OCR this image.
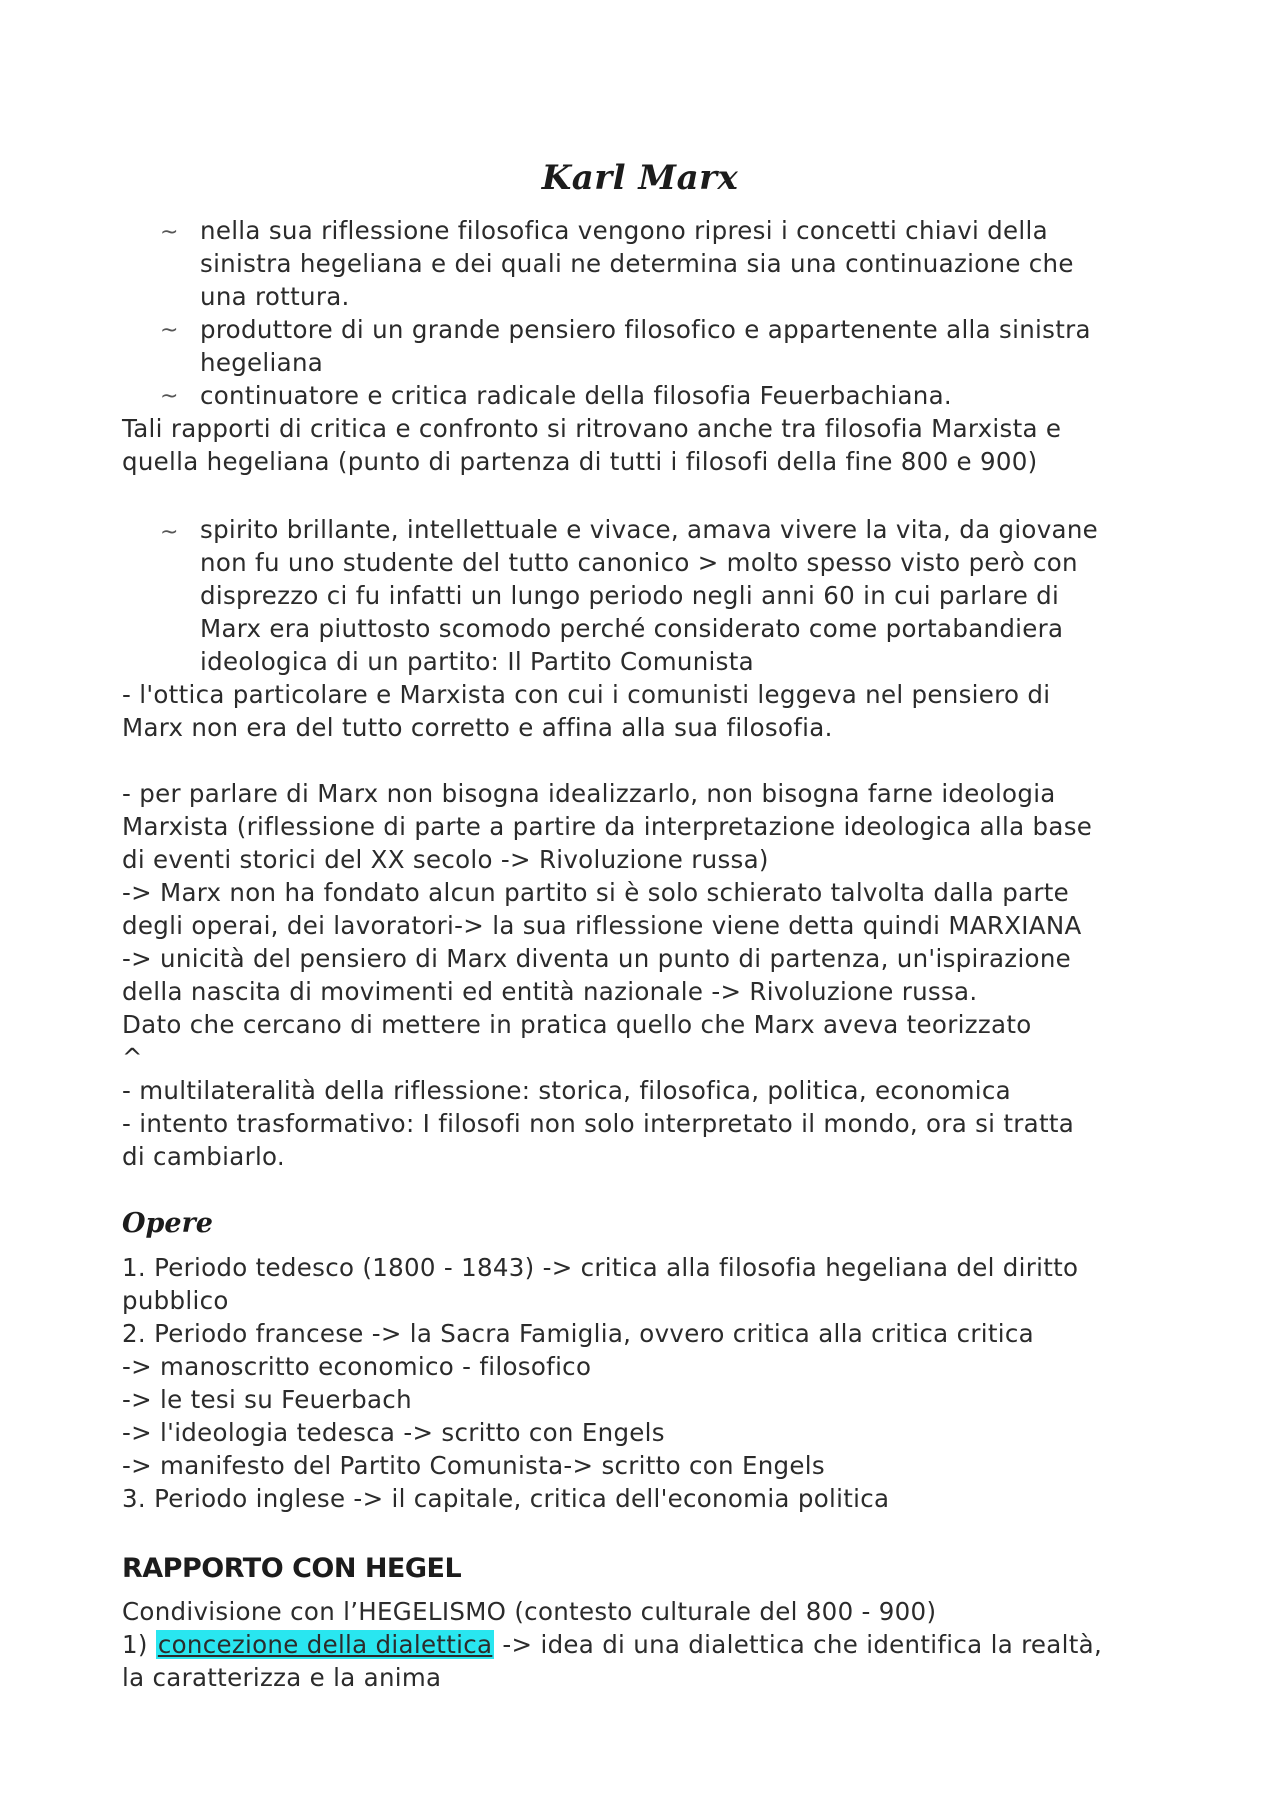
Karl Marx
~ nella sua riflessione filosofica vengono ripresi i concetti chiavi della
sinistra hegeliana e dei quali ne determina sia una continuazione che
una rottura.
~ produttore di un grande pensiero filosofico e appartenente alla sinistra
hegeliana
~ continuatore e critica radicale della filosofia Feuerbachiana.
Tali rapporti di critica e confronto si ritrovano anche tra filosofia Marxista e
quella hegeliana (punto di partenza di tutti i filosofi della fine 800 e 900)
~ spirito brillante, intellettuale e vivace, amava vivere la vita, da giovane
non fu uno studente del tutto canonico > molto spesso visto però con
disprezzo ci fu infatti un lungo periodo negli anni 60 in cui parlare di
Marx era piuttosto scomodo perché considerato come portabandiera
ideologica di un partito: Il Partito Comunista
- l'ottica particolare e Marxista con cui i comunisti leggeva nel pensiero di
Marx non era del tutto corretto e affina alla sua filosofia.
- per parlare di Marx non bisogna idealizzarlo, non bisogna farne ideologia
Marxista (riflessione di parte a partire da interpretazione ideologica alla base
di eventi storici del XX secolo -> Rivoluzione russa)
-> Marx non ha fondato alcun partito si è solo schierato talvolta dalla parte
degli operai, dei lavoratori-> la sua riflessione viene detta quindi MARXIANA
-> unicità del pensiero di Marx diventa un punto di partenza, un'ispirazione
della nascita di movimenti ed entità nazionale -> Rivoluzione russa.
Dato che cercano di mettere in pratica quello che Marx aveva teorizzato
^
- multilateralità della riflessione: storica, filosofica, politica, economica
- intento trasformativo: I filosofi non solo interpretato il mondo, ora si tratta
di cambiarlo.
Opere
1. Periodo tedesco (1800 - 1843) -> critica alla filosofia hegeliana del diritto
pubblico
2. Periodo francese -> la Sacra Famiglia, ovvero critica alla critica critica
-> manoscritto economico - filosofico
-> le tesi su Feuerbach
-> l'ideologia tedesca -> scritto con Engels
-> manifesto del Partito Comunista-> scritto con Engels
3. Periodo inglese -> il capitale, critica dell'economia politica
RAPPORTO CON HEGEL
Condivisione con l’HEGELISMO (contesto culturale del 800 - 900)
1) concezione della dialettica -> idea di una dialettica che identifica la realtà,
la caratterizza e la anima
